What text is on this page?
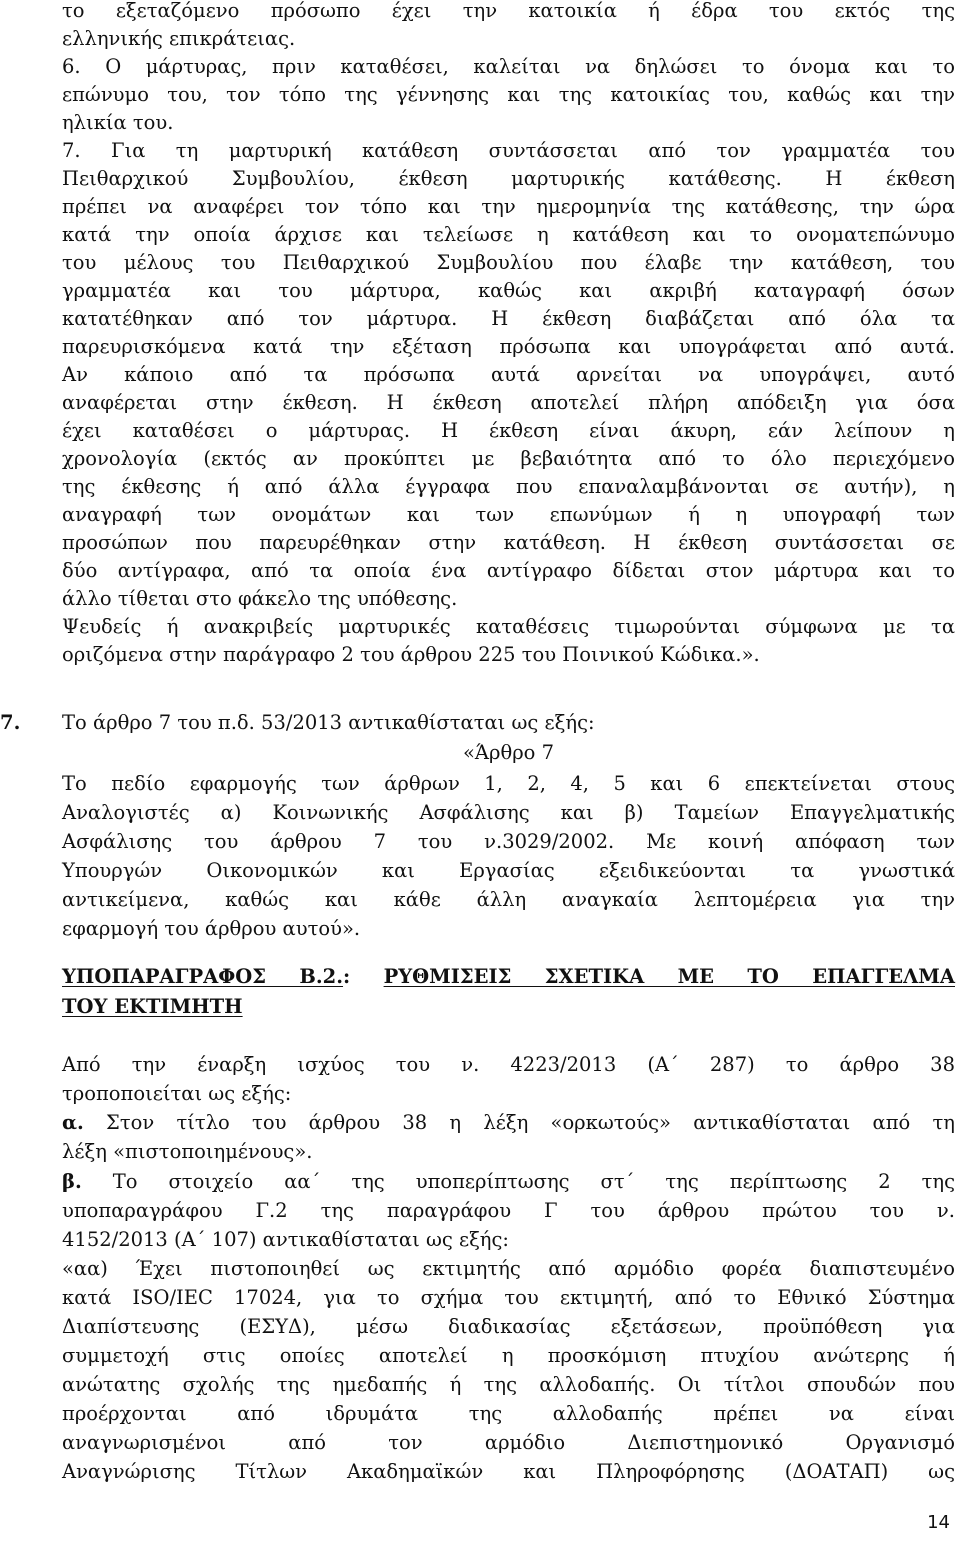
το εξεταζόμενο πρόσωπο έχει την κατοικία ή έδρα του εκτός της

ελληνικής επικράτειας.

6. Ο μάρτυρας, πριν καταθέσει, καλείται να δηλώσει το όνομα και το

επώνυμο του, τον τόπο της γέννησης και της κατοικίας του, καθώς και την

ηλικία του.

7. Για τη μαρτυρική κατάθεση συντάσσεται από τον γραμματέα του

Πειθαρχικού Συμβουλίου, έκθεση μαρτυρικής κατάθεσης. Η έκθεση

πρέπει να αναφέρει τον τόπο και την ημερομηνία της κατάθεσης, την ώρα

κατά την οποία άρχισε και τελείωσε η κατάθεση και το ονοματεπώνυμο

του μέλους του Πειθαρχικού Συμβουλίου που έλαβε την κατάθεση, του

γραμματέα και του μάρτυρα, καθώς και ακριβή καταγραφή όσων

κατατέθηκαν από τον μάρτυρα. Η έκθεση διαβάζεται από όλα τα

παρευρισκόμενα κατά την εξέταση πρόσωπα και υπογράφεται από αυτά.

Αν κάποιο από τα πρόσωπα αυτά αρνείται να υπογράψει, αυτό

αναφέρεται στην έκθεση. Η έκθεση αποτελεί πλήρη απόδειξη για όσα

έχει καταθέσει ο μάρτυρας. Η έκθεση είναι άκυρη, εάν λείπουν η

χρονολογία (εκτός αν προκύπτει με βεβαιότητα από το όλο περιεχόμενο

της έκθεσης ή από άλλα έγγραφα που επαναλαμβάνονται σε αυτήν), η

αναγραφή των ονομάτων και των επωνύμων ή η υπογραφή των

προσώπων που παρευρέθηκαν στην κατάθεση. Η έκθεση συντάσσεται σε

δύο αντίγραφα, από τα οποία ένα αντίγραφο δίδεται στον μάρτυρα και το

άλλο τίθεται στο φάκελο της υπόθεσης.

Ψευδείς ή ανακριβείς μαρτυρικές καταθέσεις τιμωρούνται σύμφωνα με τα

οριζόμενα στην παράγραφο 2 του άρθρου 225 του Ποινικού Κώδικα.».

7. Το άρθρο 7 του π.δ. 53/2013 αντικαθίσταται ως εξής:

«Άρθρο 7

Το πεδίο εφαρμογής των άρθρων 1, 2, 4, 5 και 6 επεκτείνεται στους

Αναλογιστές α) Κοινωνικής Ασφάλισης και β) Ταμείων Επαγγελματικής

Ασφάλισης του άρθρου 7 του ν.3029/2002. Με κοινή απόφαση των

Υπουργών Οικονομικών και Εργασίας εξειδικεύονται τα γνωστικά

αντικείμενα, καθώς και κάθε άλλη αναγκαία λεπτομέρεια για την

εφαρμογή του άρθρου αυτού».

ΥΠΟΠΑΡΑΓΡΑΦΟΣ Β.2.: ΡΥΘΜΙΣΕΙΣ ΣΧΕΤΙΚΑ ΜΕ ΤΟ ΕΠΑΓΓΕΛΜΑ

ΤΟΥ ΕΚΤΙΜΗΤΗ

Από την έναρξη ισχύος του ν. 4223/2013 (Α΄ 287) το άρθρο 38

τροποποιείται ως εξής:

α. Στον τίτλο του άρθρου 38 η λέξη «ορκωτούς» αντικαθίσταται από τη

λέξη «πιστοποιημένους».

β. Το στοιχείο αα΄ της υποπερίπτωσης στ΄ της περίπτωσης 2 της

υποπαραγράφου Γ.2 της παραγράφου Γ του άρθρου πρώτου του ν.

4152/2013 (Α΄ 107) αντικαθίσταται ως εξής:

«αα) Έχει πιστοποιηθεί ως εκτιμητής από αρμόδιο φορέα διαπιστευμένο

κατά ISO/IEC 17024, για το σχήμα του εκτιμητή, από το Εθνικό Σύστημα

Διαπίστευσης (ΕΣΥΔ), μέσω διαδικασίας εξετάσεων, προϋπόθεση για

συμμετοχή στις οποίες αποτελεί η προσκόμιση πτυχίου ανώτερης ή

ανώτατης σχολής της ημεδαπής ή της αλλοδαπής. Οι τίτλοι σπουδών που

προέρχονται από ιδρυμάτα της αλλοδαπής πρέπει να είναι

αναγνωρισμένοι από τον αρμόδιο Διεπιστημονικό Οργανισμό

Αναγνώρισης Τίτλων Ακαδημαϊκών και Πληροφόρησης (ΔΟΑΤΑΠ) ως

14
